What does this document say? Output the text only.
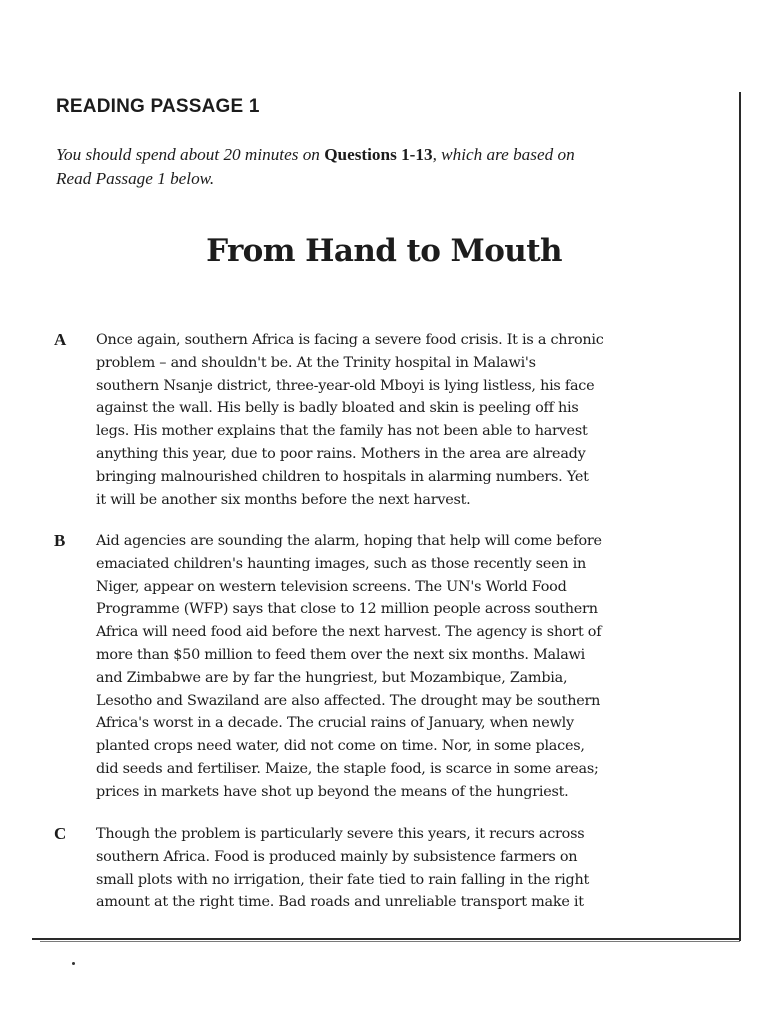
READING PASSAGE 1
You should spend about 20 minutes on Questions 1-13, which are based on
Read Passage 1 below.
From Hand to Mouth
A Once again, southern Africa is facing a severe food crisis. It is a chronic
problem – and shouldn't be. At the Trinity hospital in Malawi's
southern Nsanje district, three-year-old Mboyi is lying listless, his face
against the wall. His belly is badly bloated and skin is peeling off his
legs. His mother explains that the family has not been able to harvest
anything this year, due to poor rains. Mothers in the area are already
bringing malnourished children to hospitals in alarming numbers. Yet
it will be another six months before the next harvest.
B Aid agencies are sounding the alarm, hoping that help will come before
emaciated children's haunting images, such as those recently seen in
Niger, appear on western television screens. The UN's World Food
Programme (WFP) says that close to 12 million people across southern
Africa will need food aid before the next harvest. The agency is short of
more than $50 million to feed them over the next six months. Malawi
and Zimbabwe are by far the hungriest, but Mozambique, Zambia,
Lesotho and Swaziland are also affected. The drought may be southern
Africa's worst in a decade. The crucial rains of January, when newly
planted crops need water, did not come on time. Nor, in some places,
did seeds and fertiliser. Maize, the staple food, is scarce in some areas;
prices in markets have shot up beyond the means of the hungriest.
C Though the problem is particularly severe this years, it recurs across
southern Africa. Food is produced mainly by subsistence farmers on
small plots with no irrigation, their fate tied to rain falling in the right
amount at the right time. Bad roads and unreliable transport make it
